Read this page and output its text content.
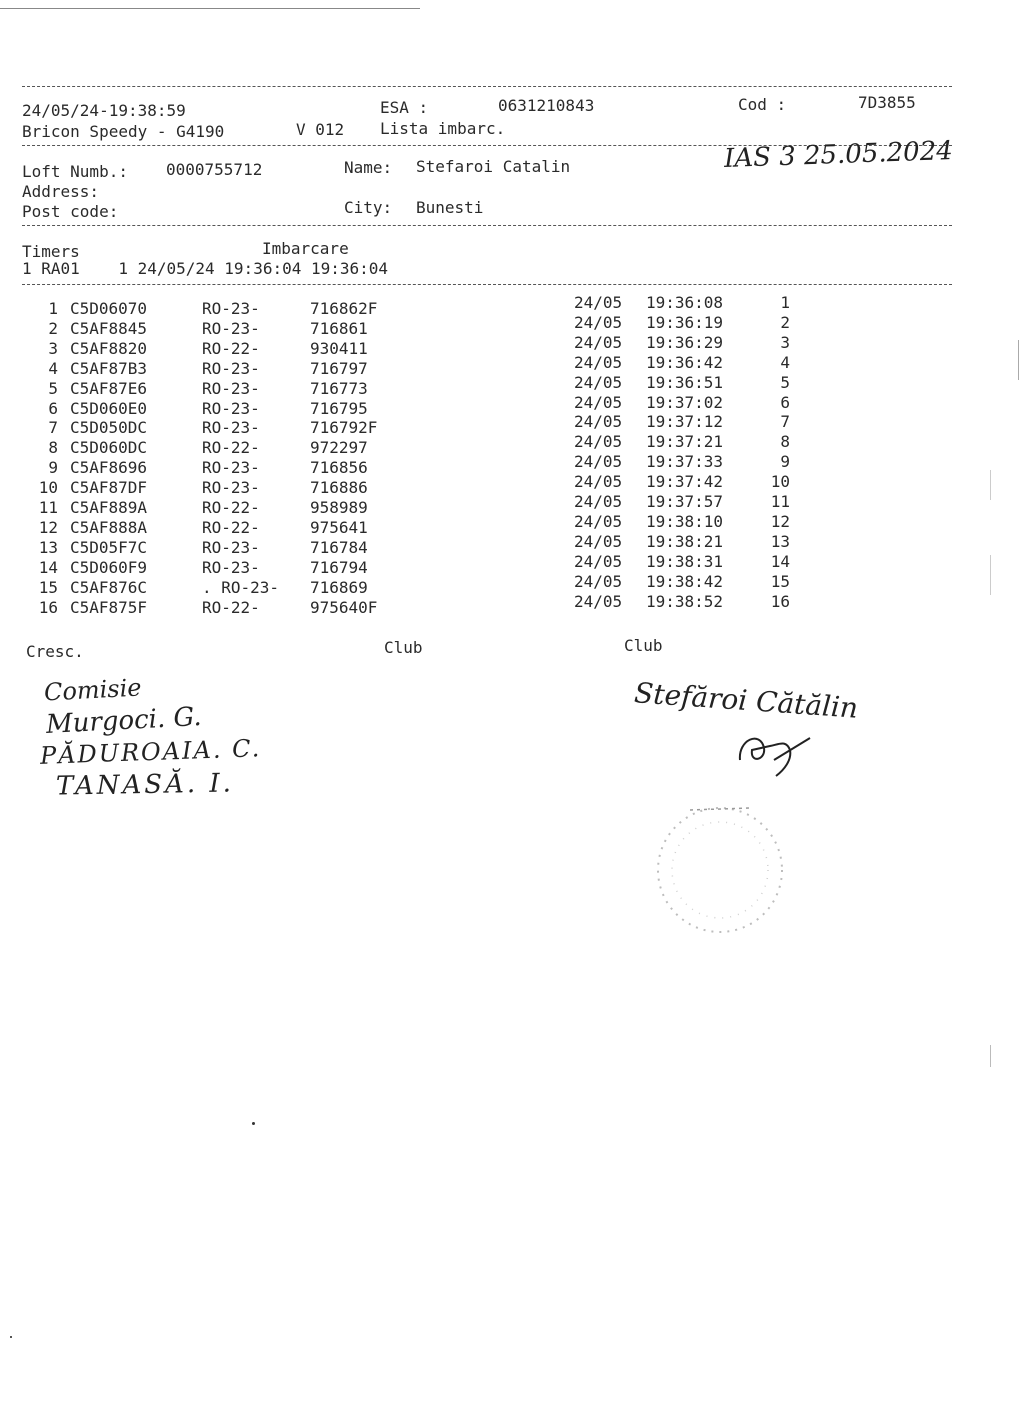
24/05/24-19:38:59	ESA :	0631210843	Cod :	7D3855
Bricon Speedy - G4190	V 012 Lista imbarc.
Loft Numb.: 0000755712	Name: Stefaroi Catalin	IAS 3 25.05.2024
Address:
Post code:	City: Bunesti
Timers	Imbarcare
1 RA01    1 24/05/24 19:36:04 19:36:04
1 C5D06070	RO-23-	716862F	24/05 19:36:08	1
2 C5AF8845	RO-23-	716861	24/05 19:36:19	2
3 C5AF8820	RO-22-	930411	24/05 19:36:29	3
4 C5AF87B3	RO-23-	716797	24/05 19:36:42	4
5 C5AF87E6	RO-23-	716773	24/05 19:36:51	5
6 C5D060E0	RO-23-	716795	24/05 19:37:02	6
7 C5D050DC	RO-23-	716792F	24/05 19:37:12	7
8 C5D060DC	RO-22-	972297	24/05 19:37:21	8
9 C5AF8696	RO-23-	716856	24/05 19:37:33	9
10 C5AF87DF	RO-23-	716886	24/05 19:37:42	10
11 C5AF889A	RO-22-	958989	24/05 19:37:57	11
12 C5AF888A	RO-22-	975641	24/05 19:38:10	12
13 C5D05F7C	RO-23-	716784	24/05 19:38:21	13
14 C5D060F9	RO-23-	716794	24/05 19:38:31	14
15 C5AF876C	. RO-23- 716869	24/05 19:38:42	15
16 C5AF875F	RO-22-	975640F	24/05 19:38:52	16
Cresc.	Club	Club
Comisie
Murgoci. G.
PĂDUROAIA. C.
TANASĂ. I.
Stefăroi Cătălin
